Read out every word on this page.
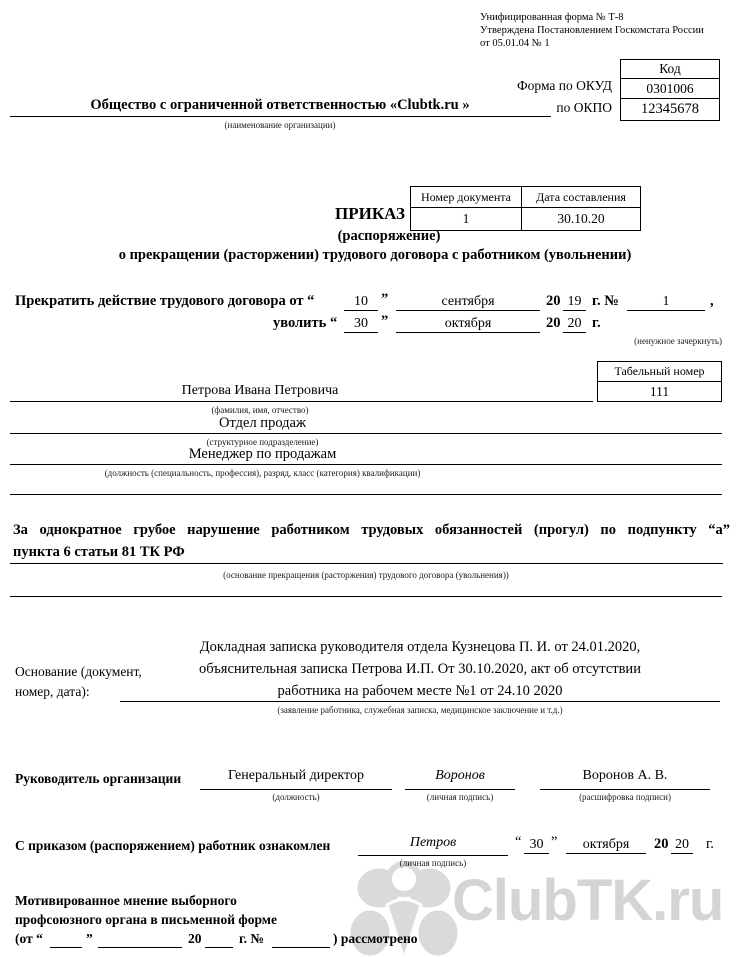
ClubTK.ru
Унифицированная форма № Т-8
Утверждена Постановлением Госкомстата России
от 05.01.04 № 1
Код
0301006
12345678
Форма по ОКУД
по ОКПО
Общество с ограниченной ответственностью «Clubtk.ru »
(наименование организации)
Номер документа	Дата составления
1	30.10.20
ПРИКАЗ
(распоряжение)
о прекращении (расторжении) трудового договора с работником (увольнении)
Прекратить действие трудового договора от “	10 ”	сентября	20 19 г. №	1	,
уволить “	30 ”	октября	20 20 г.
(ненужное зачеркнуть)
Табельный номер
111
Петрова Ивана Петровича
(фамилия, имя, отчество)
Отдел продаж
(структурное подразделение)
Менеджер по продажам
(должность (специальность, профессия), разряд, класс (категория) квалификации)
За однократное грубое нарушение работником трудовых обязанностей (прогул) по подпункту “а”
пункта 6 статьи 81 ТК РФ
(основание прекращения (расторжения) трудового договора (увольнения))
Основание (документ,
номер, дата):
Докладная записка руководителя отдела Кузнецова П. И. от 24.01.2020,
объяснительная записка Петрова И.П. От 30.10.2020, акт об отсутствии
работника на рабочем месте №1 от 24.10 2020
(заявление работника, служебная записка, медицинское заключение и т.д.)
Руководитель организации	Генеральный директор
(должность)
Воронов
(личная подпись)
Воронов А. В.
(расшифровка подписи)
С приказом (распоряжением) работник ознакомлен	Петров
(личная подпись)
“ 30 ”	октября	20 20 г.
Мотивированное мнение выборного
профсоюзного органа в письменной форме
(от “	”	20	г. №	) рассмотрено
